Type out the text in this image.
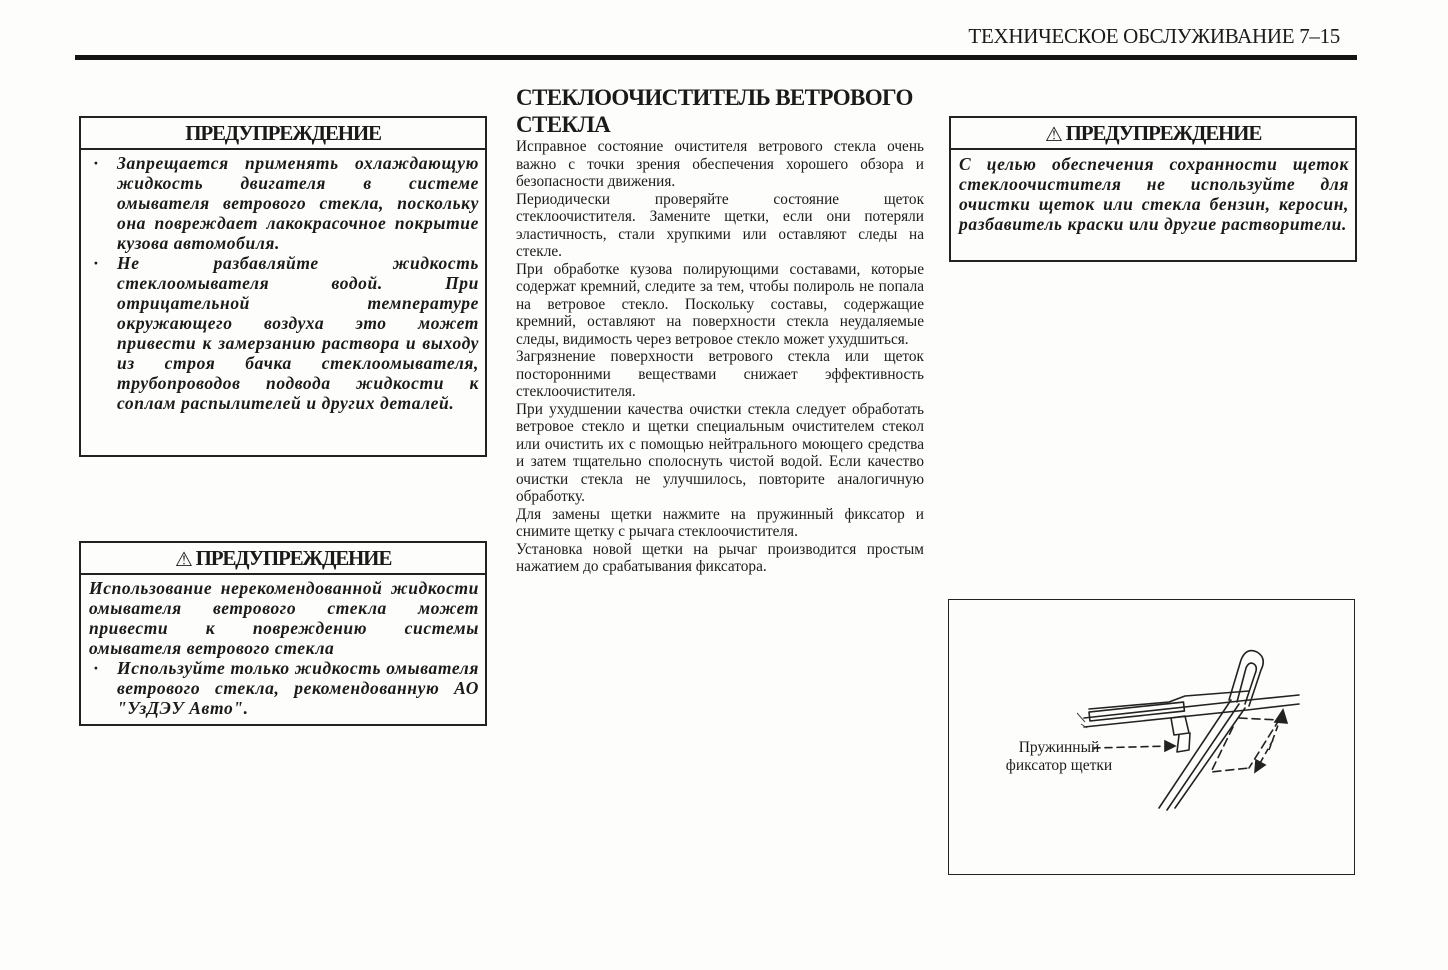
ТЕХНИЧЕСКОЕ ОБСЛУЖИВАНИЕ 7–15
ПРЕДУПРЕЖДЕНИЕ
· Запрещается применять охлаждающую жидкость двигателя в системе омывателя ветрового стекла, поскольку она повреждает лакокрасочное покрытие кузова автомобиля.
· Не разбавляйте жидкость стеклоомывателя водой. При отрицательной температуре окружающего воздуха это может привести к замерзанию раствора и выходу из строя бачка стеклоомывателя, трубопроводов подвода жидкости к соплам распылителей и других деталей.
⚠ ПРЕДУПРЕЖДЕНИЕ
Использование нерекомендованной жидкости омывателя ветрового стекла может привести к повреждению системы омывателя ветрового стекла
· Используйте только жидкость омывателя ветрового стекла, рекомендованную АО "УзДЭУ Авто".
СТЕКЛООЧИСТИТЕЛЬ ВЕТРОВОГО СТЕКЛА

Исправное состояние очистителя ветрового стекла очень важно с точки зрения обеспечения хорошего обзора и безопасности движения.

Периодически проверяйте состояние щеток стеклоочистителя. Замените щетки, если они потеряли эластичность, стали хрупкими или оставляют следы на стекле.

При обработке кузова полирующими составами, которые содержат кремний, следите за тем, чтобы полироль не попала на ветровое стекло. Поскольку составы, содержащие кремний, оставляют на поверхности стекла неудаляемые следы, видимость через ветровое стекло может ухудшиться.

Загрязнение поверхности ветрового стекла или щеток посторонними веществами снижает эффективность стеклоочистителя.

При ухудшении качества очистки стекла следует обработать ветровое стекло и щетки специальным очистителем стекол или очистить их с помощью нейтрального моющего средства и затем тщательно сполоснуть чистой водой. Если качество очистки стекла не улучшилось, повторите аналогичную обработку.

Для замены щетки нажмите на пружинный фиксатор и снимите щетку с рычага стеклоочистителя.

Установка новой щетки на рычаг производится простым нажатием до срабатывания фиксатора.

⚠ ПРЕДУПРЕЖДЕНИЕ
С целью обеспечения сохранности щеток стеклоочистителя не используйте для очистки щеток или стекла бензин, керосин, разбавитель краски или другие растворители.
Пружинный
фиксатор щетки
